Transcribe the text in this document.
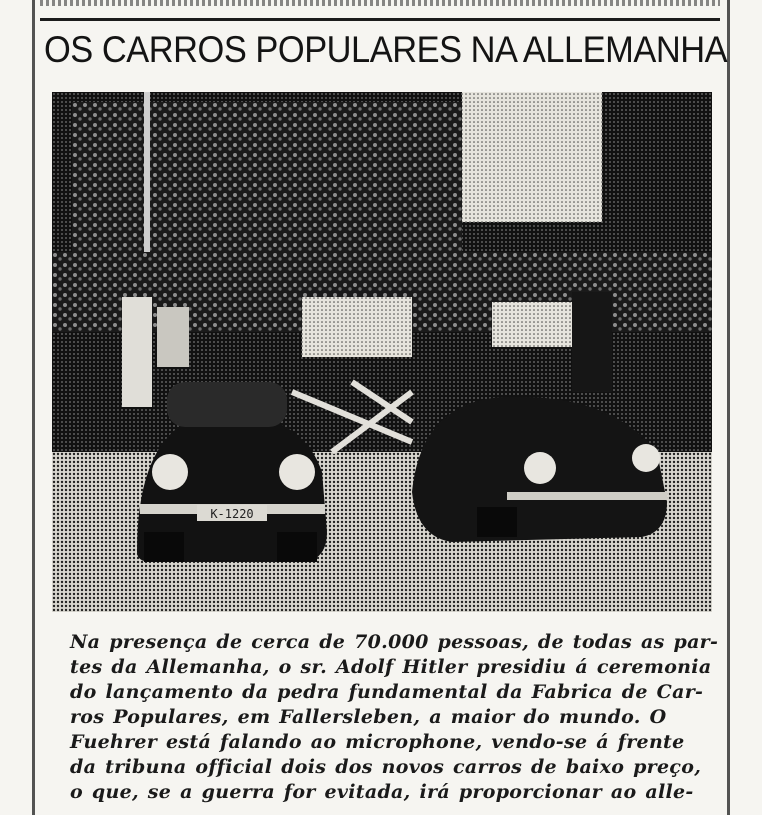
OS CARROS POPULARES NA ALLEMANHA
K-1220
Na presença de cerca de 70.000 pessoas, de todas as par-
tes da Allemanha, o sr. Adolf Hitler presidiu á ceremonia
do lançamento da pedra fundamental da Fabrica de Car-
ros Populares, em Fallersleben, a maior do mundo. O
Fuehrer está falando ao microphone, vendo-se á frente
da tribuna official dois dos novos carros de baixo preço,
o que, se a guerra for evitada, irá proporcionar ao alle-
